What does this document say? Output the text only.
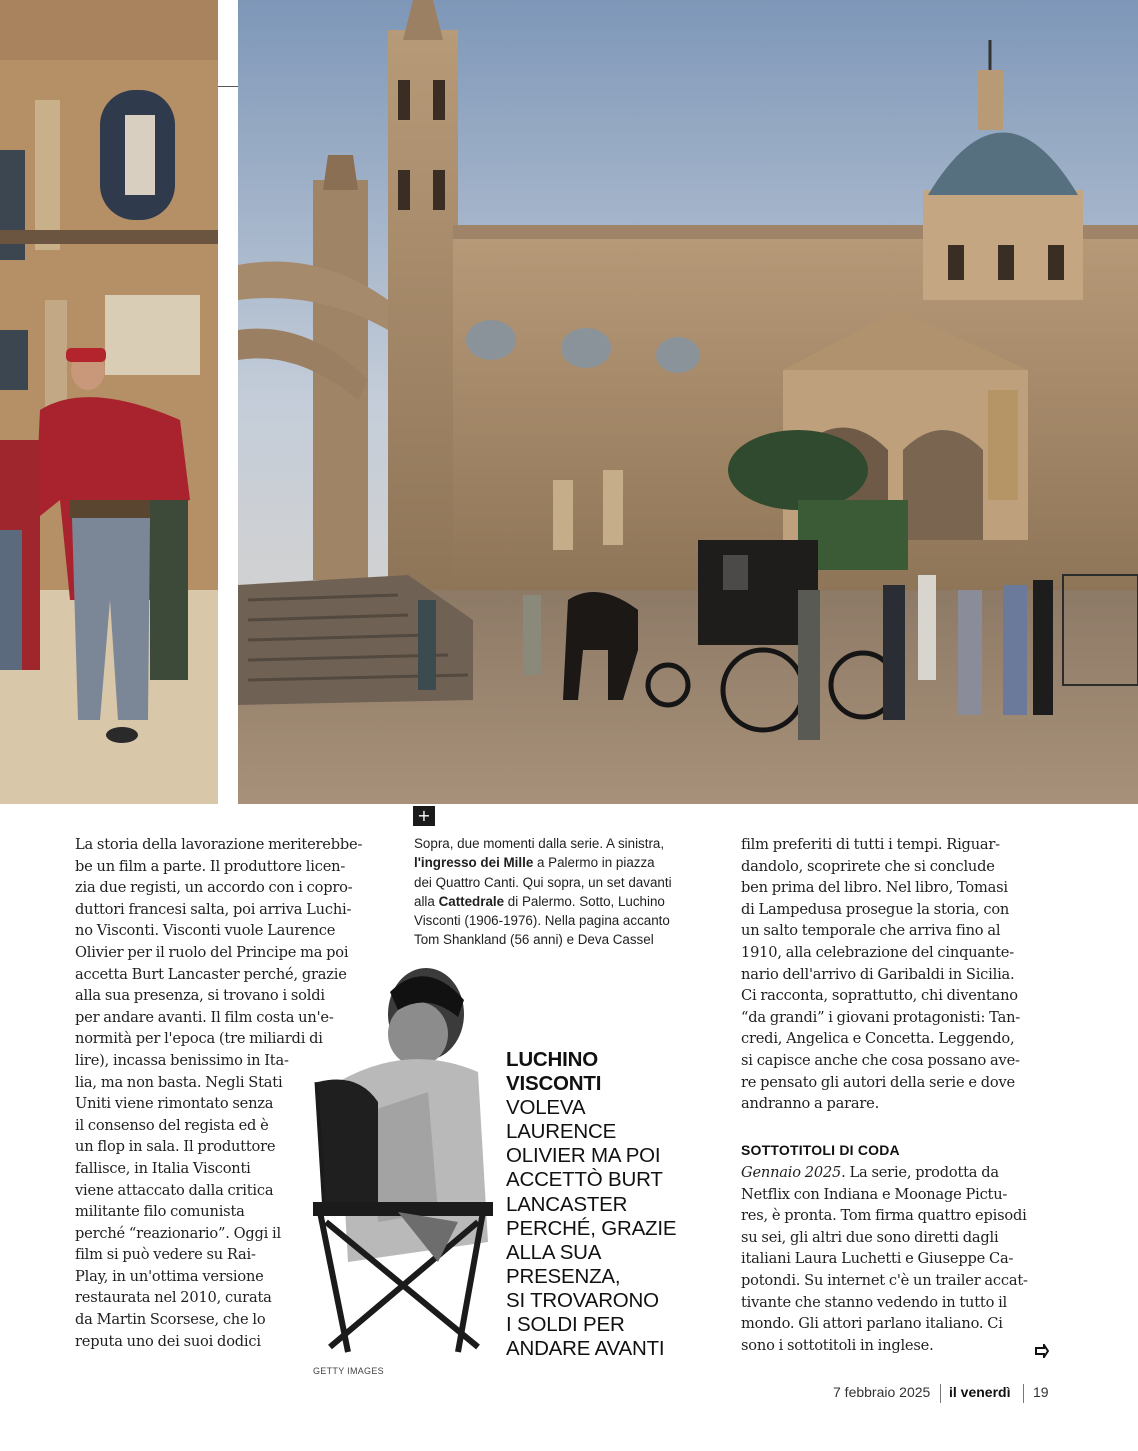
+
La storia della lavorazione meriterebbe-
be un film a parte. Il produttore licen-
zia due registi, un accordo con i copro-
duttori francesi salta, poi arriva Luchi-
no Visconti. Visconti vuole Laurence
Olivier per il ruolo del Principe ma poi
accetta Burt Lancaster perché, grazie
alla sua presenza, si trovano i soldi
per andare avanti. Il film costa un'e-
normità per l'epoca (tre miliardi di
lire), incassa benissimo in Ita-
lia, ma non basta. Negli Stati
Uniti viene rimontato senza
il consenso del regista ed è
un flop in sala. Il produttore
fallisce, in Italia Visconti
viene attaccato dalla critica
militante filo comunista
perché “reazionario”. Oggi il
film si può vedere su Rai-
Play, in un'ottima versione
restaurata nel 2010, curata
da Martin Scorsese, che lo
reputa uno dei suoi dodici
GETTY IMAGES
Sopra, due momenti dalla serie. A sinistra,
l'ingresso dei Mille a Palermo in piazza
dei Quattro Canti. Qui sopra, un set davanti
alla Cattedrale di Palermo. Sotto, Luchino
Visconti (1906-1976). Nella pagina accanto
Tom Shankland (56 anni) e Deva Cassel
LUCHINO
VISCONTI
VOLEVA
LAURENCE
OLIVIER MA POI
ACCETTÒ BURT
LANCASTER
PERCHÉ, GRAZIE
ALLA SUA
PRESENZA,
SI TROVARONO
I SOLDI PER
ANDARE AVANTI
film preferiti di tutti i tempi. Riguar-
dandolo, scoprirete che si conclude
ben prima del libro. Nel libro, Tomasi
di Lampedusa prosegue la storia, con
un salto temporale che arriva fino al
1910, alla celebrazione del cinquante-
nario dell'arrivo di Garibaldi in Sicilia.
Ci racconta, soprattutto, chi diventano
“da grandi” i giovani protagonisti: Tan-
credi, Angelica e Concetta. Leggendo,
si capisce anche che cosa possano ave-
re pensato gli autori della serie e dove
andranno a parare.
SOTTOTITOLI DI CODA
Gennaio 2025. La serie, prodotta da
Netflix con Indiana e Moonage Pictu-
res, è pronta. Tom firma quattro episodi
su sei, gli altri due sono diretti dagli
italiani Laura Luchetti e Giuseppe Ca-
potondi. Su internet c'è un trailer accat-
tivante che stanno vedendo in tutto il
mondo. Gli attori parlano italiano. Ci
sono i sottotitoli in inglese.
7 febbraio 2025 il venerdì 19
